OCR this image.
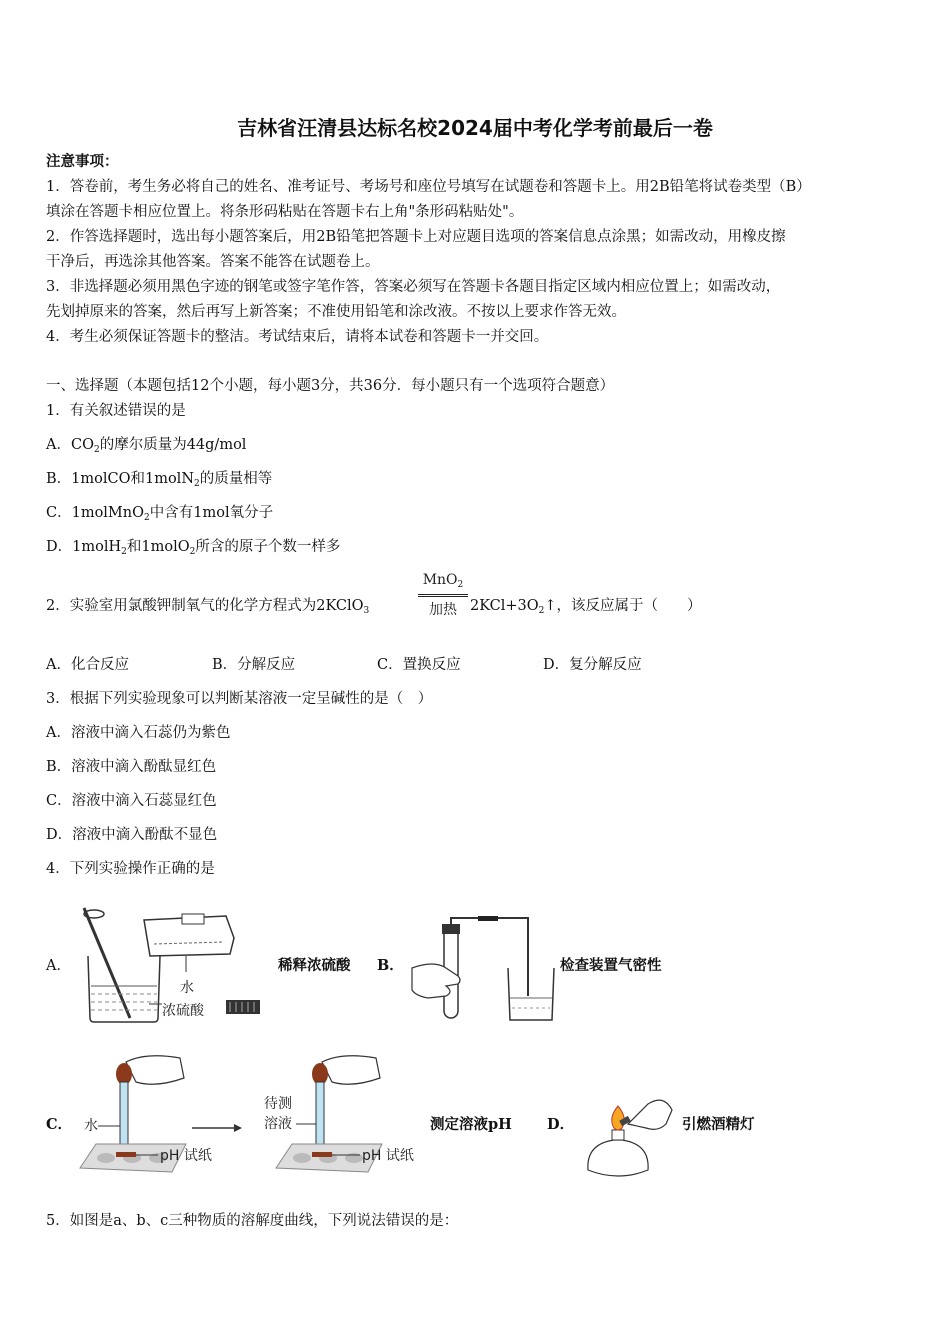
吉林省汪清县达标名校2024届中考化学考前最后一卷
注意事项：
1．答卷前，考生务必将自己的姓名、准考证号、考场号和座位号填写在试题卷和答题卡上。用2B铅笔将试卷类型（B）
填涂在答题卡相应位置上。将条形码粘贴在答题卡右上角"条形码粘贴处"。
2．作答选择题时，选出每小题答案后，用2B铅笔把答题卡上对应题目选项的答案信息点涂黑；如需改动，用橡皮擦
干净后，再选涂其他答案。答案不能答在试题卷上。
3．非选择题必须用黑色字迹的钢笔或签字笔作答，答案必须写在答题卡各题目指定区域内相应位置上；如需改动，
先划掉原来的答案，然后再写上新答案；不准使用铅笔和涂改液。不按以上要求作答无效。
4．考生必须保证答题卡的整洁。考试结束后，请将本试卷和答题卡一并交回。
一、选择题（本题包括12个小题，每小题3分，共36分．每小题只有一个选项符合题意）
1．有关叙述错误的是
A．$CO_2$的摩尔质量为44g/mol
B．1molCO和1molN$_2$的质量相等
C．1molMnO$_2$中含有1mol氧分子
D．1molH$_2$和1molO$_2$所含的原子个数一样多
2．实验室用氯酸钾制氧气的化学方程式为2KClO$_3$
MnO$_2$
加热 $2KCl+3O_2↑$，该反应属于（　　）
A．化合反应	B．分解反应	C．置换反应	D．复分解反应
3．根据下列实验现象可以判断某溶液一定呈碱性的是（　）
A．溶液中滴入石蕊仍为紫色
B．溶液中滴入酚酞显红色
C．溶液中滴入石蕊显红色
D．溶液中滴入酚酞不显色
4．下列实验操作正确的是
A．
水
浓硫酸
稀释浓硫酸 B．	检查装置气密性
C． 水
pH 试纸
待测
溶液
pH 试纸
测定溶液pH D．	引燃酒精灯
5．如图是a、b、c三种物质的溶解度曲线，下列说法错误的是：
